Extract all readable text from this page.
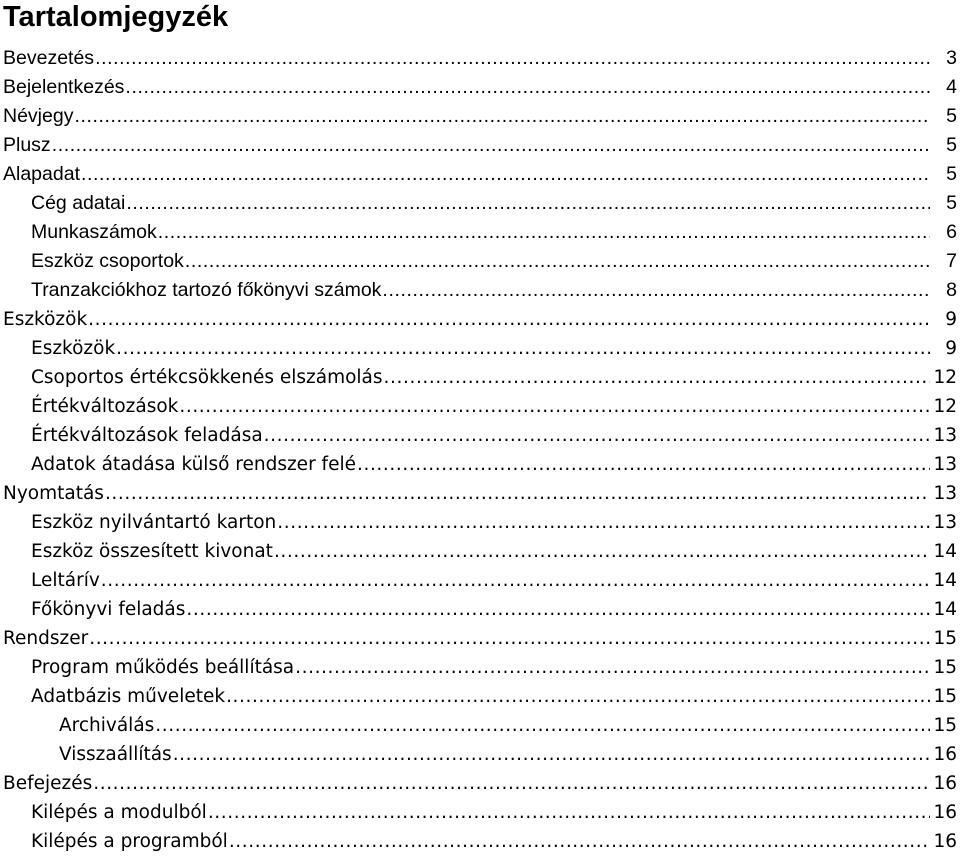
Tartalomjegyzék
Bevezetés .....	3
Bejelentkezés .....	4
Névjegy .....	5
Plusz .....	5
Alapadat .....	5
Cég adatai .....	5
Munkaszámok .....	6
Eszköz csoportok .....	7
Tranzakciókhoz tartozó főkönyvi számok .....	8
Eszközök .....	9
Eszközök .....	9
Csoportos értékcsökkenés elszámolás .....	12
Értékváltozások .....	12
Értékváltozások feladása .....	13
Adatok átadása külső rendszer felé .....	13
Nyomtatás .....	13
Eszköz nyilvántartó karton .....	13
Eszköz összesített kivonat .....	14
Leltárív .....	14
Főkönyvi feladás .....	14
Rendszer .....	15
Program működés beállítása .....	15
Adatbázis műveletek .....	15
Archiválás .....	15
Visszaállítás .....	16
Befejezés .....	16
Kilépés a modulból .....	16
Kilépés a programból .....	16
